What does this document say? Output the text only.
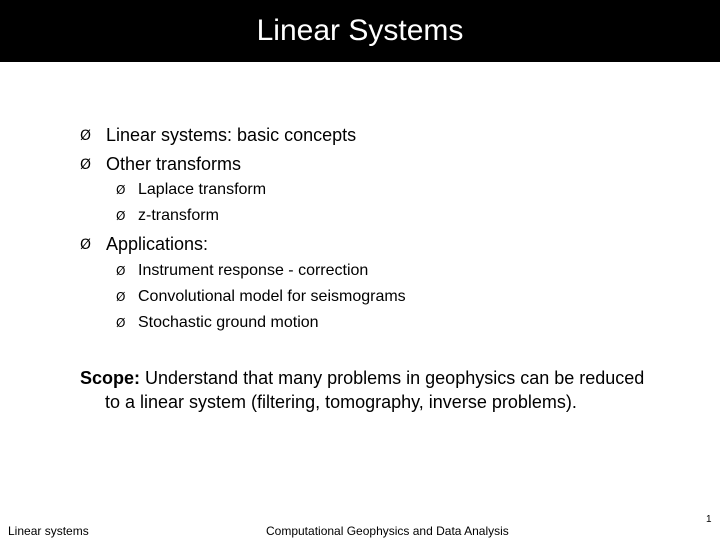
Linear Systems
Ø Linear systems: basic concepts
Ø Other transforms
Ø Laplace transform
Ø z-transform
Ø Applications:
Ø Instrument response - correction
Ø Convolutional model for seismograms
Ø Stochastic ground motion
Scope: Understand that many problems in geophysics can be reduced
to a linear system (filtering, tomography, inverse problems).
Linear systems	Computational Geophysics and Data Analysis
1
